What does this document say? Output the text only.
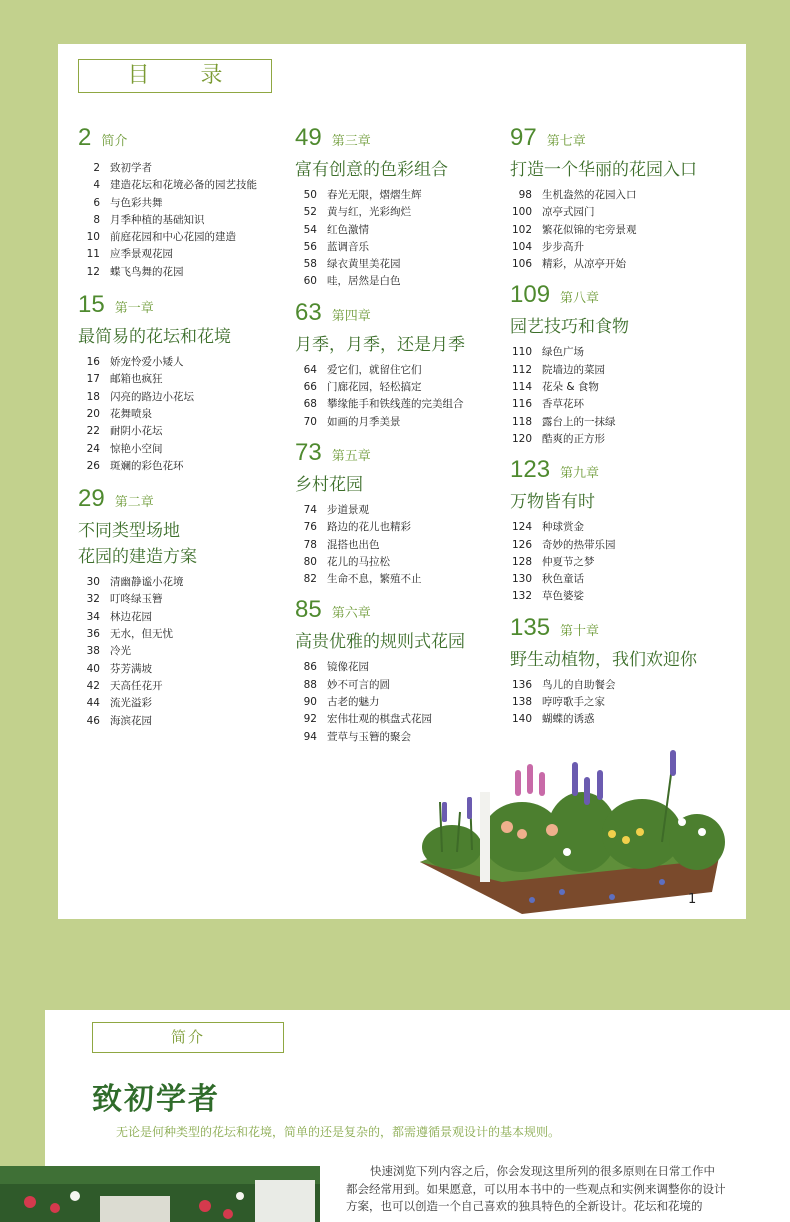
目 录
2 简介
2 致初学者
4 建造花坛和花境必备的园艺技能
6 与色彩共舞
8 月季种植的基础知识
10 前庭花园和中心花园的建造
11 应季景观花园
12 蝶飞鸟舞的花园
15 第一章
最简易的花坛和花境
16 娇宠怜爱小矮人
17 邮箱也疯狂
18 闪亮的路边小花坛
20 花舞喷泉
22 耐阴小花坛
24 惊艳小空间
26 斑斓的彩色花环
29 第二章
不同类型场地
花园的建造方案
30 清幽静谧小花境
32 叮咚绿玉簪
34 林边花园
36 无水，但无忧
38 冷光
40 芬芳满坡
42 天高任花开
44 流光溢彩
46 海滨花园
49 第三章
富有创意的色彩组合
50 春光无限，熠熠生辉
52 黄与红，光彩绚烂
54 红色激情
56 蓝调音乐
58 绿衣黄里美花园
60 哇，居然是白色
63 第四章
月季，月季，还是月季
64 爱它们，就留住它们
66 门廊花园，轻松搞定
68 攀缘能手和铁线莲的完美组合
70 如画的月季美景
73 第五章
乡村花园
74 步道景观
76 路边的花儿也精彩
78 混搭也出色
80 花儿的马拉松
82 生命不息，繁殖不止
85 第六章
高贵优雅的规则式花园
86 镜像花园
88 妙不可言的圆
90 古老的魅力
92 宏伟壮观的棋盘式花园
94 萱草与玉簪的聚会
97 第七章
打造一个华丽的花园入口
98 生机盎然的花园入口
100 凉亭式园门
102 繁花似锦的宅旁景观
104 步步高升
106 精彩，从凉亭开始
109 第八章
园艺技巧和食物
110 绿色广场
112 院墙边的菜园
114 花朵 & 食物
116 香草花环
118 露台上的一抹绿
120 酷爽的正方形
123 第九章
万物皆有时
124 种球赏金
126 奇妙的热带乐园
128 仲夏节之梦
130 秋色童话
132 草色婆娑
135 第十章
野生动植物，我们欢迎你
136 鸟儿的自助餐会
138 哼哼歌手之家
140 蝴蝶的诱惑
1
简介
致初学者
无论是何种类型的花坛和花境，简单的还是复杂的，都需遵循景观设计的基本规则。
快速浏览下列内容之后，你会发现这里所列的很多原则在日常工作中都会经常用到。如果愿意，可以用本书中的一些观点和实例来调整你的设计方案，也可以创造一个自己喜欢的独具特色的全新设计。花坛和花境的
